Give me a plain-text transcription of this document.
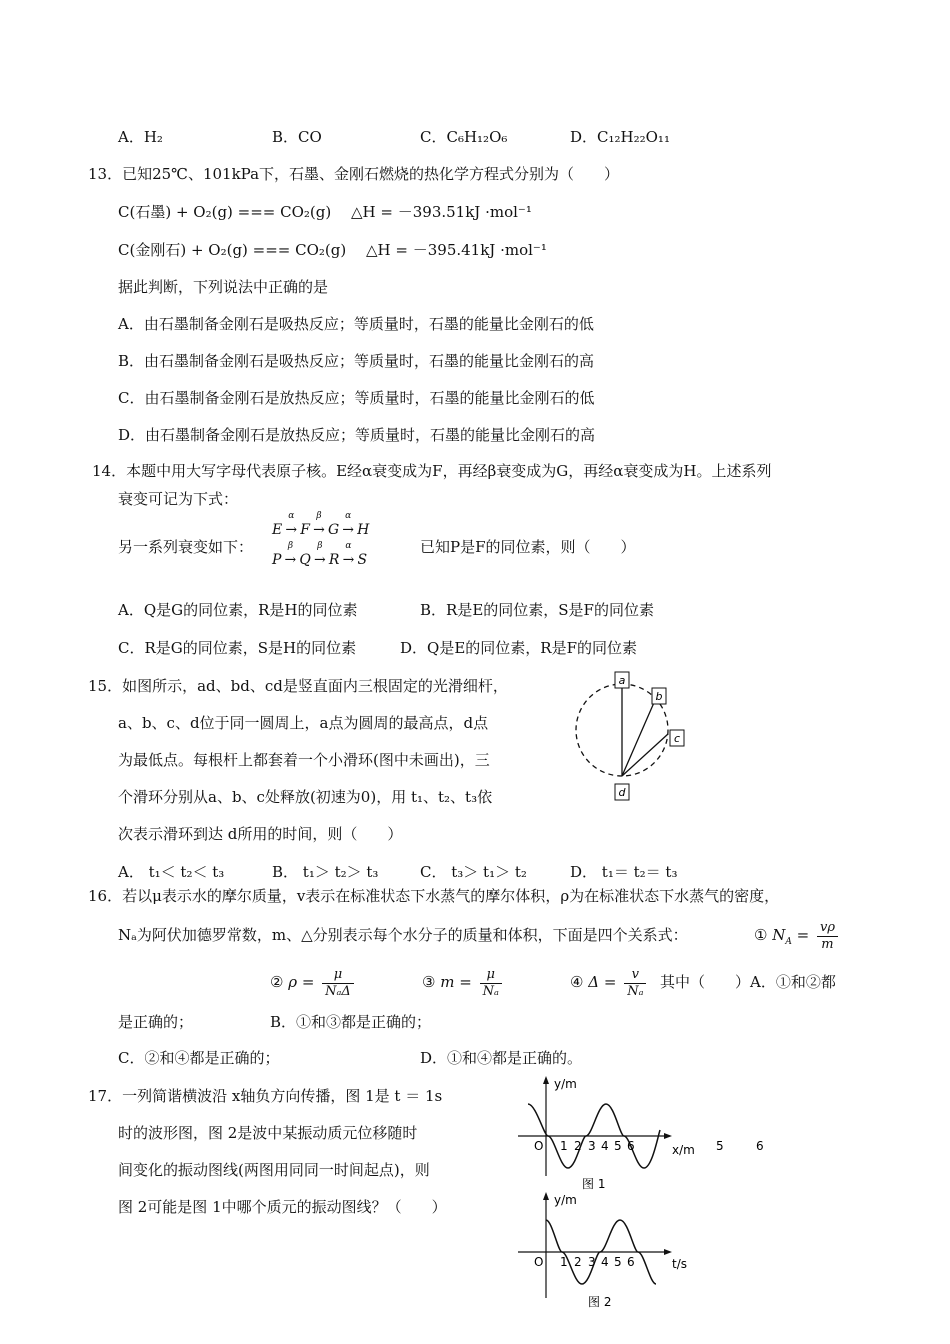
A．H₂	B．CO	C．C₆H₁₂O₆	D．C₁₂H₂₂O₁₁
13．已知25℃、101kPa下，石墨、金刚石燃烧的热化学方程式分别为（　　）
C(石墨) + O₂(g) === CO₂(g)　 △H = －393.51kJ ·mol⁻¹
C(金刚石) + O₂(g) === CO₂(g)　 △H = －395.41kJ ·mol⁻¹
据此判断，下列说法中正确的是
A．由石墨制备金刚石是吸热反应；等质量时，石墨的能量比金刚石的低
B．由石墨制备金刚石是吸热反应；等质量时，石墨的能量比金刚石的高
C．由石墨制备金刚石是放热反应；等质量时，石墨的能量比金刚石的低
D．由石墨制备金刚石是放热反应；等质量时，石墨的能量比金刚石的高
14．本题中用大写字母代表原子核。E经α衰变成为F，再经β衰变成为G，再经α衰变成为H。上述系列
衰变可记为下式：
另一系列衰变如下：
E
α
→ F
β
→ G
α
→ H
P
β
→ Q
β
→ R
α
→ S
已知P是F的同位素，则（　　）
A．Q是G的同位素，R是H的同位素	B．R是E的同位素，S是F的同位素
C．R是G的同位素，S是H的同位素	D．Q是E的同位素，R是F的同位素
15．如图所示，ad、bd、cd是竖直面内三根固定的光滑细杆，
a、b、c、d位于同一圆周上，a点为圆周的最高点，d点
为最低点。每根杆上都套着一个小滑环(图中未画出)，三
个滑环分别从a、b、c处释放(初速为0)，用 t₁、t₂、t₃依
次表示滑环到达 d所用的时间，则（　　）
a
b
c
d
A． t₁＜ t₂＜ t₃	B． t₁＞ t₂＞ t₃	C． t₃＞ t₁＞ t₂	D． t₁＝ t₂＝ t₃
16．若以μ表示水的摩尔质量，v表示在标准状态下水蒸气的摩尔体积，ρ为在标准状态下水蒸气的密度，
Nₐ为阿伏加德罗常数，m、△分别表示每个水分子的质量和体积，下面是四个关系式：	① $N_A = \frac{v\rho}{m}$
② $\rho = \frac{\mu}{\text{NₐΔ}}$	③ $m = \frac{\mu}{\text{Nₐ}}$	④ $\Delta = \frac{v}{\text{Nₐ}}$ 其中（　　）A．①和②都
是正确的；	B．①和③都是正确的；
C．②和④都是正确的；	D．①和④都是正确的。
17．一列简谐横波沿 x轴负方向传播，图 1是 t ＝ 1s
时的波形图，图 2是波中某振动质元位移随时
间变化的振动图线(两图用同同一时间起点)，则
图 2可能是图 1中哪个质元的振动图线？（　　）
y/m
O 1 2 3 4 5 6	x/m 5	6
图 1
y/m
O 1 2 3 4 5 6	t/s
图 2
